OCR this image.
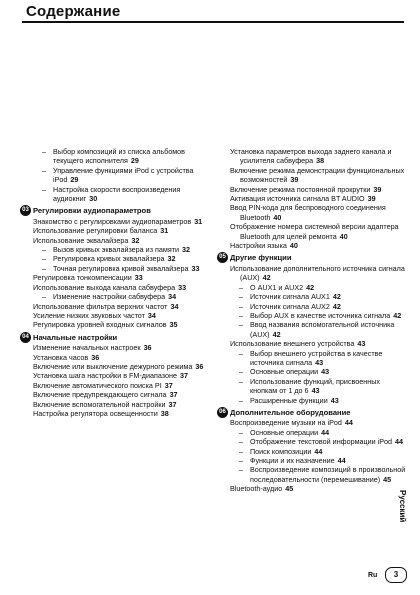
Содержание
– Выбор композиций из списка альбомов текущего исполнителя 29
– Управление функциями iPod с устройства iPod 29
– Настройка скорости воспроизведения аудиокниг 30
03 Регулировки аудиопараметров
Знакомство с регулировками аудиопараметров 31
Использование регулировки баланса 31
Использование эквалайзера 32
– Вызов кривых эквалайзера из памяти 32
– Регулировка кривых эквалайзера 32
– Точная регулировка кривой эквалайзера 33
Регулировка тонкомпенсации 33
Использование выхода канала сабвуфера 33
– Изменение настройки сабвуфера 34
Использование фильтра верхних частот 34
Усиление низких звуковых частот 34
Регулировка уровней входных сигналов 35
04 Начальные настройки
Изменение начальных настроек 36
Установка часов 36
Включение или выключение дежурного режима 36
Установка шага настройки в FM-диапазоне 37
Включение автоматического поиска PI 37
Включение предупреждающего сигнала 37
Включение вспомогательной настройки 37
Настройка регулятора освещенности 38
Установка параметров выхода заднего канала и усилителя сабвуфера 38
Включение режима демонстрации функциональных возможностей 39
Включение режима постоянной прокрутки 39
Активация источника сигнала BT AUDIO 39
Ввод PIN-кода для беспроводного соединения Bluetooth 40
Отображение номера системной версии адаптера Bluetooth для целей ремонта 40
Настройки языка 40
05 Другие функции
Использование дополнительного источника сигнала (AUX) 42
– О AUX1 и AUX2 42
– Источник сигнала AUX1 42
– Источник сигнала AUX2 42
– Выбор AUX в качестве источника сигнала 42
– Ввод названия вспомогательной источника (AUX) 42
Использование внешнего устройства 43
– Выбор внешнего устройства в качестве источника сигнала 43
– Основные операции 43
– Использование функций, присвоенных кнопкам от 1 до 6 43
– Расширенные функции 43
06 Дополнительное оборудование
Воспроизведение музыки на iPod 44
– Основные операции 44
– Отображение текстовой информации iPod 44
– Поиск композиции 44
– Функции и их назначение 44
– Воспроизведение композиций в произвольной последовательности (перемешивание) 45
Bluetooth-аудио 45
Русский
Ru	3
